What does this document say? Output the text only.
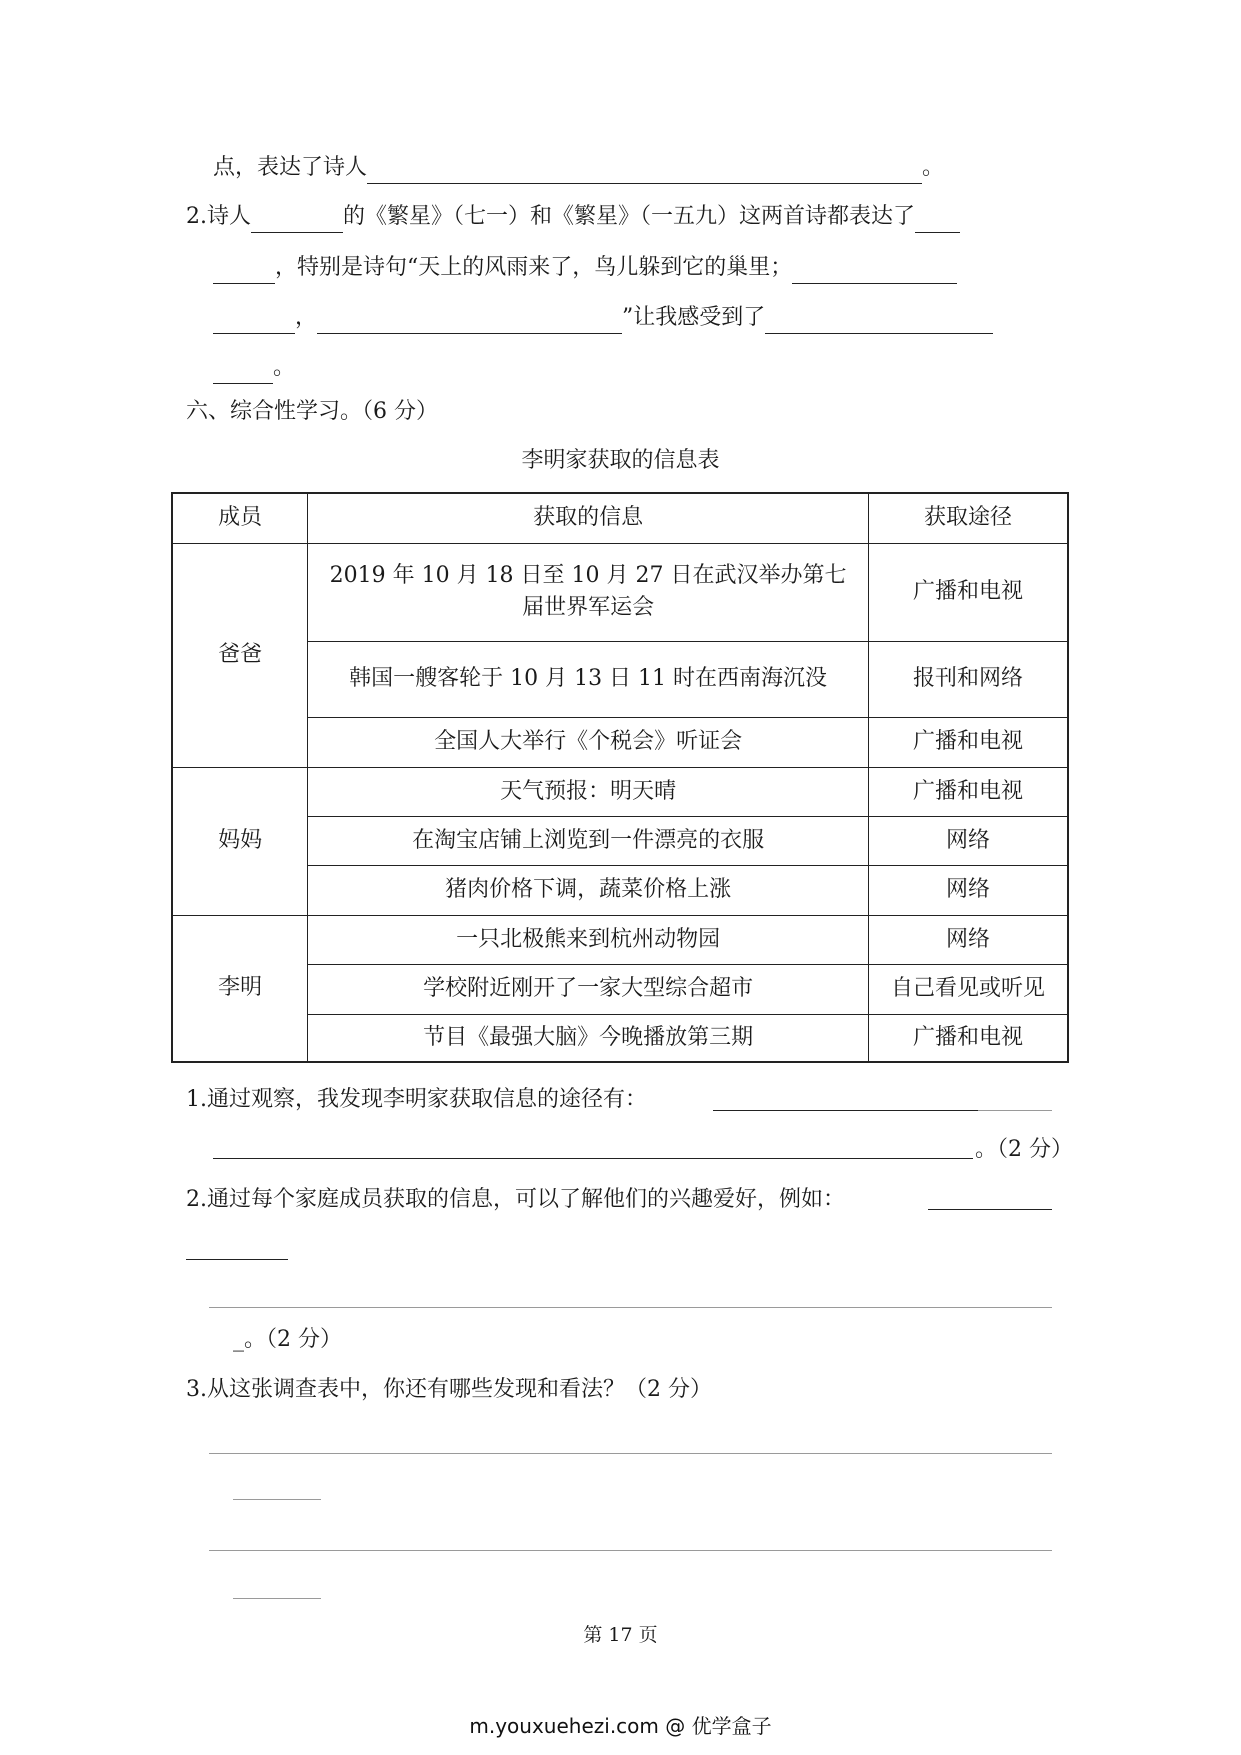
点，表达了诗人	。
2.诗人	的《繁星》（七一）和《繁星》（一五九）这两首诗都表达了
，特别是诗句“天上的风雨来了，鸟儿躲到它的巢里；
，	”让我感受到了
。
六、综合性学习。（6 分）
李明家获取的信息表
成员	获取的信息	获取途径
爸爸	2019 年 10 月 18 日至 10 月 27 日在武汉举办第七届世界军运会	广播和电视
	韩国一艘客轮于 10 月 13 日 11 时在西南海沉没	报刊和网络
	全国人大举行《个税会》听证会	广播和电视
妈妈	天气预报：明天晴	广播和电视
	在淘宝店铺上浏览到一件漂亮的衣服	网络
	猪肉价格下调，蔬菜价格上涨	网络
李明	一只北极熊来到杭州动物园	网络
	学校附近刚开了一家大型综合超市	自己看见或听见
	节目《最强大脑》今晚播放第三期	广播和电视
1.通过观察，我发现李明家获取信息的途径有：
。（2 分）
2.通过每个家庭成员获取的信息，可以了解他们的兴趣爱好，例如：
_。（2 分）
3.从这张调查表中，你还有哪些发现和看法？（2 分）
第 17 页
m.youxuehezi.com @ 优学盒子
